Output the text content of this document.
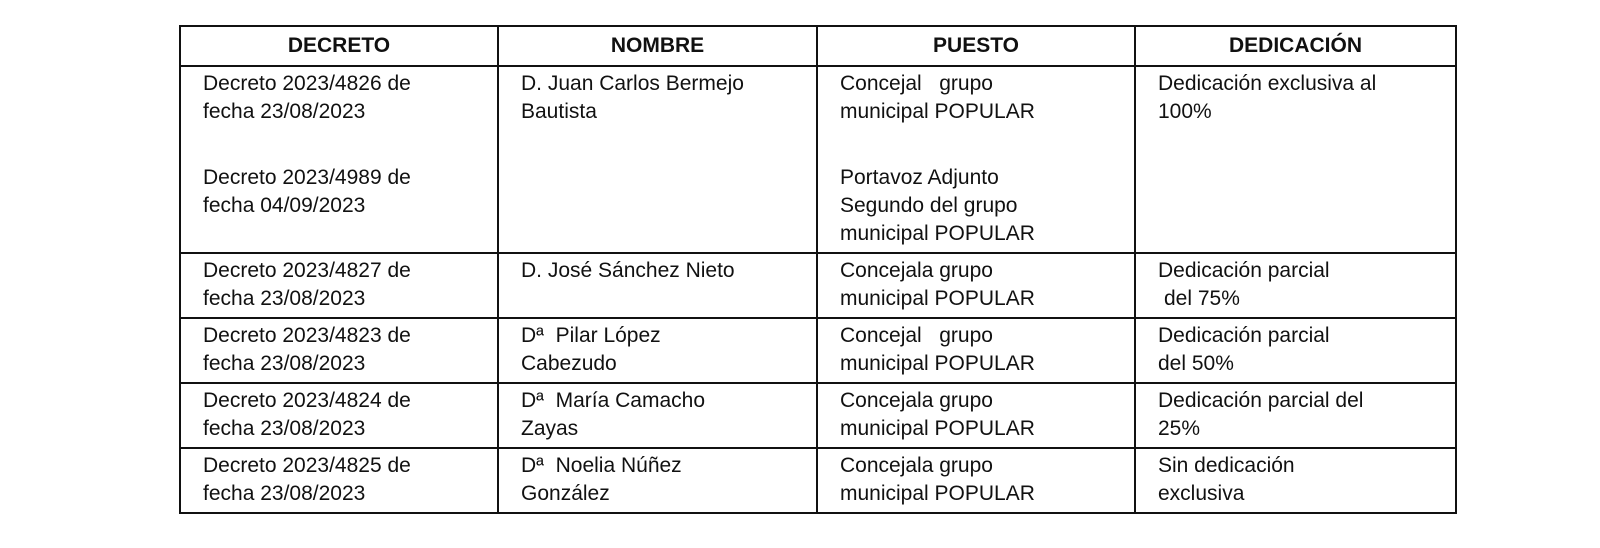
DECRETO	NOMBRE	PUESTO	DEDICACIÓN

Decreto 2023/4826 de
fecha 23/08/2023
Decreto 2023/4989 de
fecha 04/09/2023	D. Juan Carlos Bermejo
Bautista	Concejal   grupo
municipal POPULAR
Portavoz Adjunto
Segundo del grupo
municipal POPULAR	Dedicación exclusiva al
100%

Decreto 2023/4827 de
fecha 23/08/2023	D. José Sánchez Nieto	Concejala grupo
municipal POPULAR	Dedicación parcial
del 75%

Decreto 2023/4823 de
fecha 23/08/2023	Dª  Pilar López
Cabezudo	Concejal   grupo
municipal POPULAR	Dedicación parcial
del 50%

Decreto 2023/4824 de
fecha 23/08/2023	Dª  María Camacho
Zayas	Concejala grupo
municipal POPULAR	Dedicación parcial del
25%

Decreto 2023/4825 de
fecha 23/08/2023	Dª  Noelia Núñez
González	Concejala grupo
municipal POPULAR	Sin dedicación
exclusiva
